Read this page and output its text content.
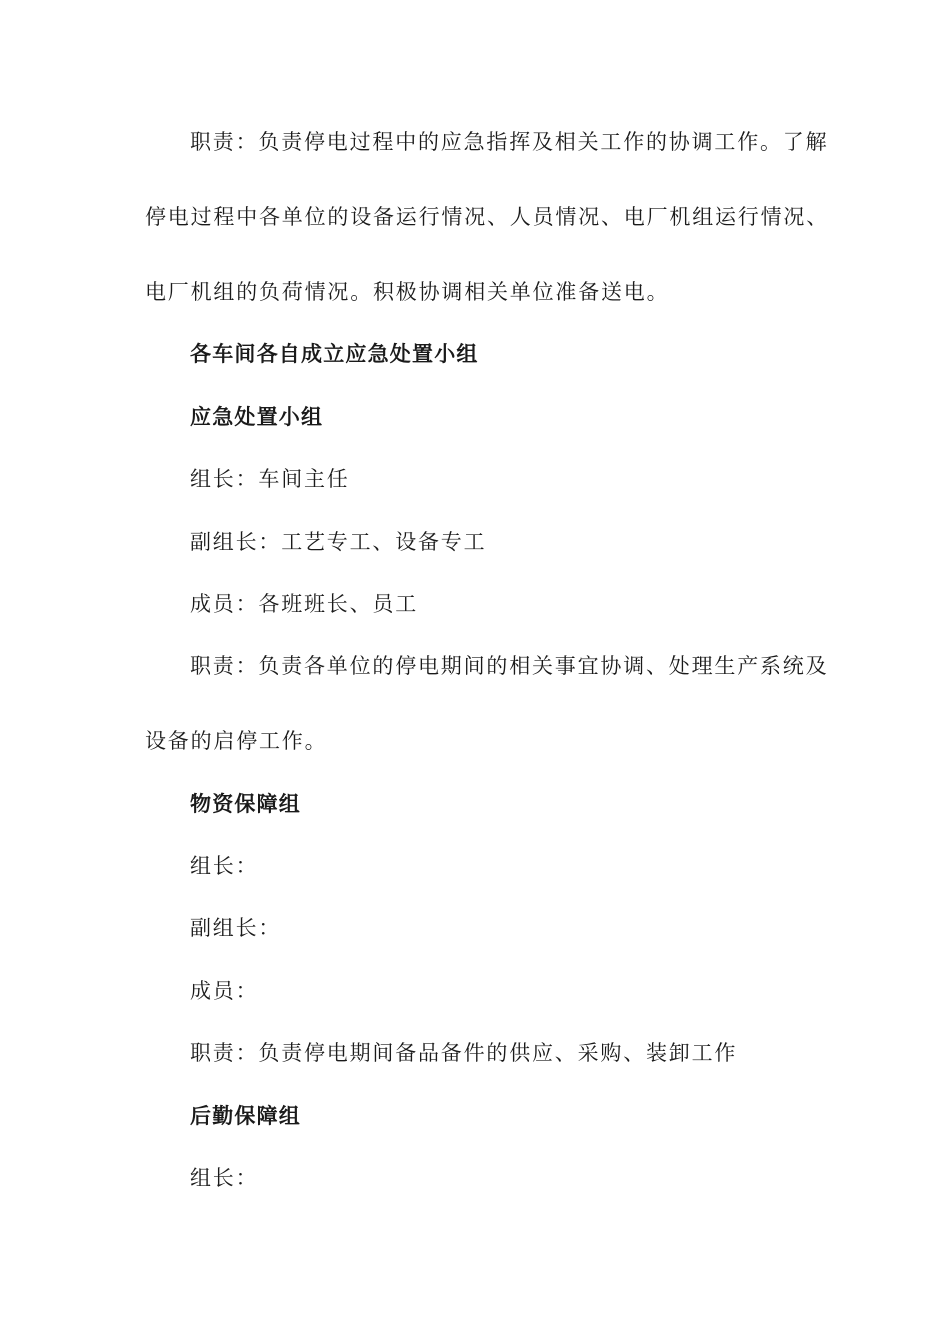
职责：负责停电过程中的应急指挥及相关工作的协调工作。了解
停电过程中各单位的设备运行情况、人员情况、电厂机组运行情况、
电厂机组的负荷情况。积极协调相关单位准备送电。
各车间各自成立应急处置小组
应急处置小组
组长：车间主任
副组长：工艺专工、设备专工
成员：各班班长、员工
职责：负责各单位的停电期间的相关事宜协调、处理生产系统及
设备的启停工作。
物资保障组
组长：
副组长：
成员：
职责：负责停电期间备品备件的供应、采购、装卸工作
后勤保障组
组长：
